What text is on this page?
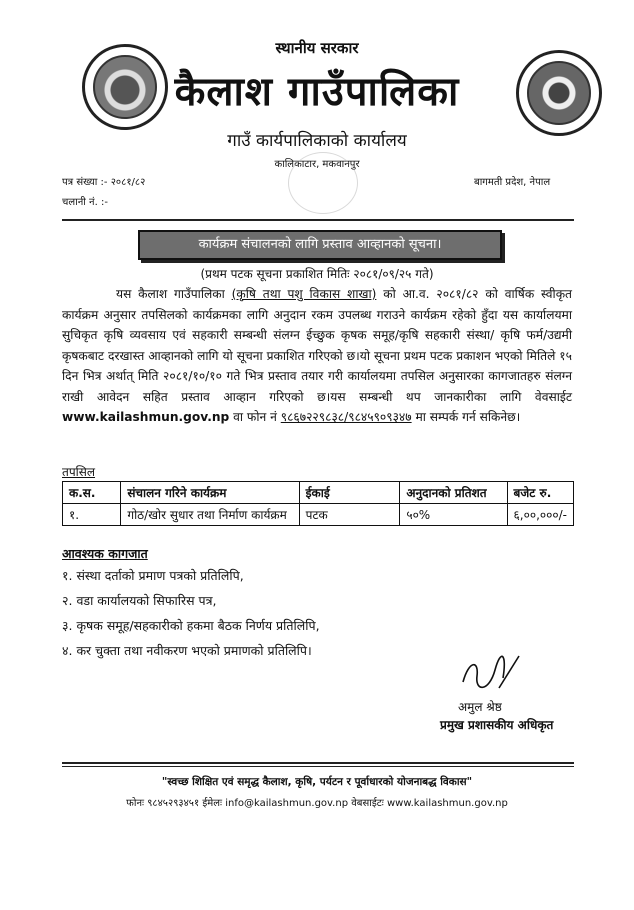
स्थानीय सरकार
कैलाश गाउँपालिका
गाउँ कार्यपालिकाको कार्यालय
कालिकाटार, मकवानपुर
पत्र संख्या :- २०८१/८२
चलानी नं. :-
बागमती प्रदेश, नेपाल
कार्यक्रम संचालनको लागि प्रस्ताव आव्हानको सूचना।
(प्रथम पटक सूचना प्रकाशित मितिः २०८१/०९/२५ गते)
यस कैलाश गाउँपालिका (कृषि तथा पशु विकास शाखा) को आ.व. २०८१/८२ को वार्षिक स्वीकृत कार्यक्रम अनुसार तपसिलको कार्यक्रमका लागि अनुदान रकम उपलब्ध गराउने कार्यक्रम रहेको हुँदा यस कार्यालयमा सुचिकृत कृषि व्यवसाय एवं सहकारी सम्बन्धी संलग्न ईच्छुक कृषक समूह/कृषि सहकारी संस्था/ कृषि फर्म/उद्यमी कृषकबाट दरखास्त आव्हानको लागि यो सूचना प्रकाशित गरिएको छ।यो सूचना प्रथम पटक प्रकाशन भएको मितिले १५ दिन भित्र अर्थात् मिति २०८१/१०/१० गते भित्र प्रस्ताव तयार गरी कार्यालयमा तपसिल अनुसारका कागजातहरु संलग्न राखी आवेदन सहित प्रस्ताव आव्हान गरिएको छ।यस सम्बन्धी थप जानकारीका लागि वेवसाईट www.kailashmun.gov.np वा फोन नं ९८६७२२९८३८/९८४५९०९३४७ मा सम्पर्क गर्न सकिनेछ।
तपसिल
क.स.	संचालन गरिने कार्यक्रम	ईकाई	अनुदानको प्रतिशत	बजेट रु.
१.	गोठ/खोर सुधार तथा निर्माण कार्यक्रम	पटक	५०%	६,००,०००/-
आवश्यक कागजात
१. संस्था दर्ताको प्रमाण पत्रको प्रतिलिपि,
२. वडा कार्यालयको सिफारिस पत्र,
३. कृषक समूह/सहकारीको हकमा बैठक निर्णय प्रतिलिपि,
४. कर चुक्ता तथा नवीकरण भएको प्रमाणको प्रतिलिपि।
अमुल श्रेष्ठ
प्रमुख प्रशासकीय अधिकृत
"स्वच्छ शिक्षित एवं समृद्ध कैलाश, कृषि, पर्यटन र पूर्वाधारको योजनाबद्ध विकास"
फोनः ९८४५२९३४५१ ईमेलः info@kailashmun.gov.np वेबसाईटः www.kailashmun.gov.np
